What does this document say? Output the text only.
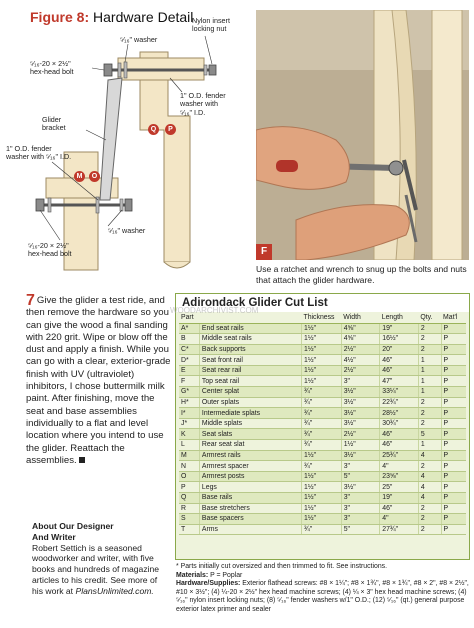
Figure 8: Hardware Detail
Q	P
M	O
⁵⁄₁₆" washer
Nylon insert
locking nut
⁵⁄₁₆-20 × 2½"
hex-head bolt
1" O.D. fender
washer with
⁵⁄₁₆" I.D.
Glider
bracket
1" O.D. fender
washer with ⁵⁄₁₆" I.D.
⁵⁄₁₆" washer
⁵⁄₁₆-20 × 2½"
hex-head bolt	F
Use a ratchet and wrench to snug up the bolts and nuts that attach the glider hardware.
7 Give the glider a test ride, and then remove the hardware so you can give the wood a final sanding with 220 grit. Wipe or blow off the dust and apply a finish. While you can go with a clear, exterior-grade finish with UV (ultraviolet) inhibitors, I chose buttermilk milk paint. After finishing, move the seat and base assemblies individually to a flat and level location where you intend to use the glider. Reattach the assemblies.
About Our Designer
And Writer
Robert Settich is a seasoned woodworker and writer, with five books and hundreds of magazine articles to his credit. See more of his work at PlansUnlimited.com.
Adirondack Glider Cut List
Part		Thickness	Width	Length	Qty.	Mat'l
A*	End seat rails	1½"	4⅝"	19"	2	P
B	Middle seat rails	1½"	4⅝"	16½"	2	P
C*	Back supports	1½"	2½"	20"	2	P
D*	Seat front rail	1½"	4½"	46"	1	P
E	Seat rear rail	1½"	2½"	46"	1	P
F	Top seat rail	1½"	3"	47"	1	P
G*	Center splat	¾"	3½"	33¼"	1	P
H*	Outer splats	¾"	3½"	22¾"	2	P
I*	Intermediate splats	¾"	3½"	28½"	2	P
J*	Middle splats	¾"	3½"	30¾"	2	P
K	Seat slats	¾"	2½"	46"	5	P
L	Rear seat slat	¾"	1½"	46"	1	P
M	Armrest rails	1½"	3½"	25¾"	4	P
N	Armrest spacer	¾"	3"	4"	2	P
O	Armrest posts	1½"	5"	23⅝"	4	P
P	Legs	1½"	3½"	25"	4	P
Q	Base rails	1½"	3"	19"	4	P
R	Base stretchers	1½"	3"	46"	2	P
S	Base spacers	1½"	3"	4"	2	P
T	Arms	¾"	5"	27¾"	2	P
* Parts initially cut oversized and then trimmed to fit. See instructions.
Materials: P = Poplar
Hardware/Supplies: Exterior flathead screws: #8 × 1¼"; #8 × 1¾", #8 × 1¾", #8 × 2", #8 × 2½", #10 × 3½"; (4) ¼-20 × 2½" hex head machine screws; (4) ¼ × 3" hex head machine screws; (4) ⁵⁄₁₆" nylon insert locking nuts; (8) ⁵⁄₁₆" fender washers w/1" O.D.; (12) ⁵⁄₁₆" (qt.) general purpose exterior latex primer and sealer
WOODARCHIVIST.COM
